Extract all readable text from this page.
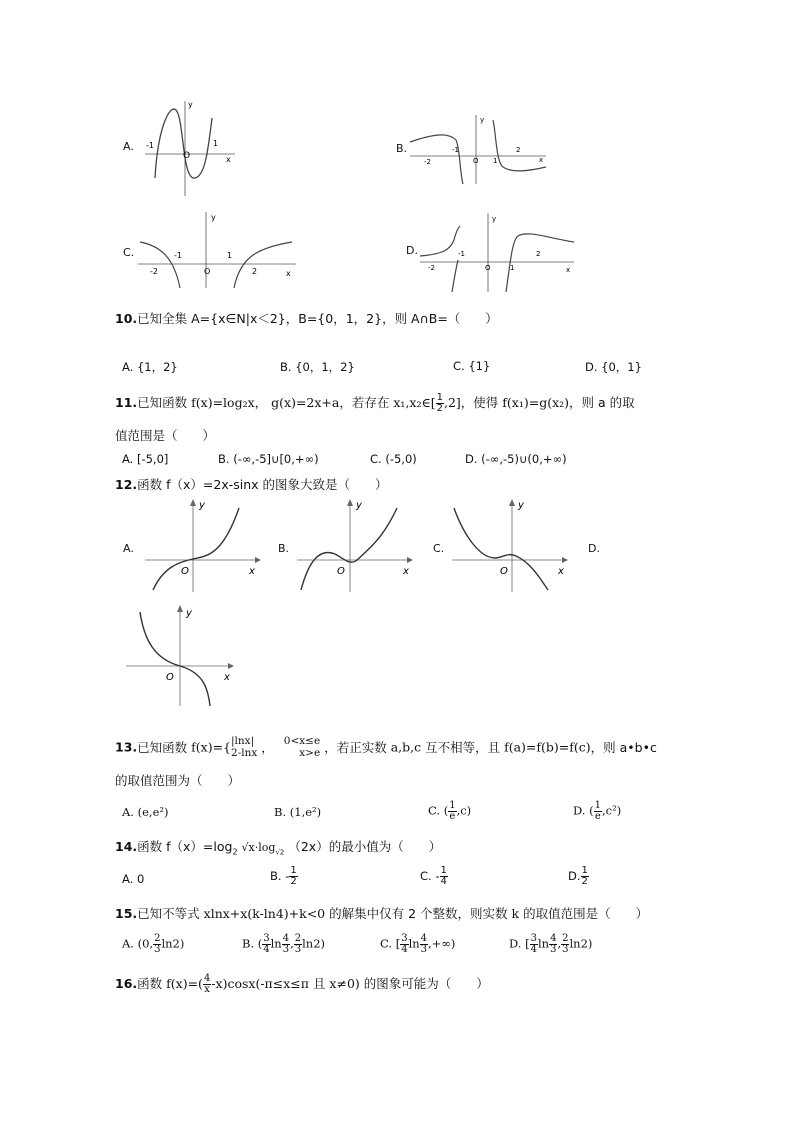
A.
y
x
-1
O
1	B.
y
x
-2
-1
O 1
2
C.
y
x
-2
-1
O
1
2
D.
y
x
-2
-1
O	1
2
10.已知全集 A={x∈N|x＜2}，B={0，1，2}，则 A∩B=（　　）
A. {1，2}	B. {0，1，2}	C. {1}	D. {0，1}
11.已知函数 f(x)=log₂x， g(x)=2x+a，若存在 x₁,x₂∈[ $\frac{1}{2} ,2$]，使得 f(x₁)=g(x₂)，则 a 的取
值范围是（　　）
A. [-5,0]	B. (-∞,-5]∪[0,+∞)	C. (-5,0)	D. (-∞,-5)∪(0,+∞)
12.函数 f（x）=2x-sinx 的图象大致是（　　）
A.
y
x
O
B.
y
x
O
C.
y
x
O
D.
y
x
O
13.已知函数 f(x)={ |lnx|
2-lnx ， 0<x≤e
x>e ，若正实数 a,b,c 互不相等，且 f(a)=f(b)=f(c)，则 a•b•c
的取值范围为（　　）
A. (e,e²)	B. (1,e²)	C. ( $\frac{1}{e} ,c$)	D. ( $\frac{1}{e} ,c^2$)
14.函数 $f(x)=\log_2$ $√x\cdot\log_{√2}$ （2x）的最小值为（　　）
A. 0	B. - $\frac{1}{2}$	C. - $\frac{1}{4}$	D. $\frac{1}{2}$
15.已知不等式 xlnx+x(k-ln4)+k<0 的解集中仅有 2 个整数，则实数 k 的取值范围是（　　）
A. (0, $\frac{2}{3} \ln 2$)	B. ( $\frac{3}{4}$ $\ln \frac{4}{3}$ , $\frac{2}{3} \ln 2$)	C. [ $\frac{3}{4}$ $\ln \frac{4}{3}$ ,+∞)	D. [ $\frac{3}{4}$ $\ln \frac{4}{3}$ , $\frac{2}{3} \ln 2$)
16.函数 $f(x)=( \frac{4}{x} -x)\cos x(-\pi\le x\le\pi$ 且 x≠0) 的图象可能为（　　）
